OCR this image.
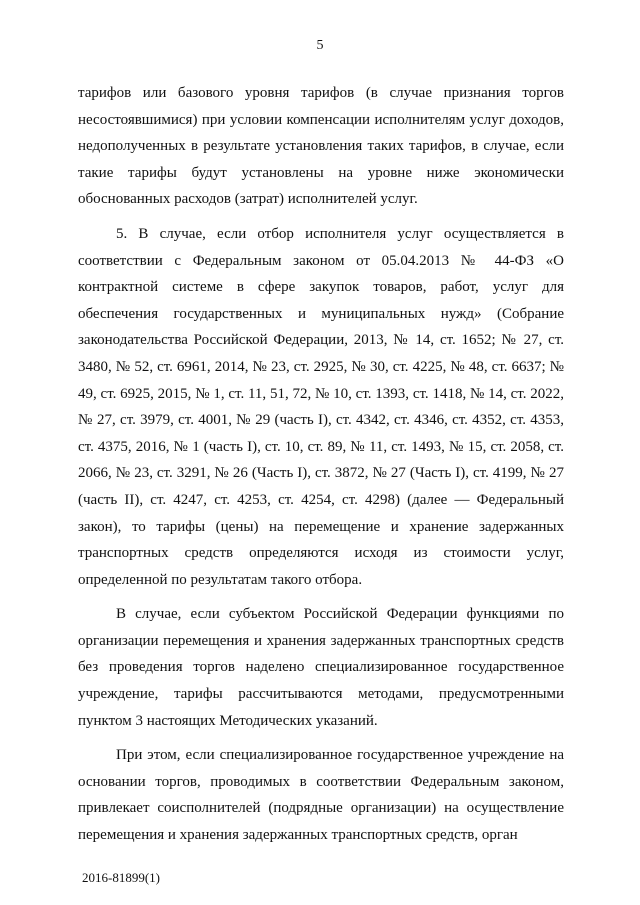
5

тарифов или базового уровня тарифов (в случае признания торгов несостоявшимися) при условии компенсации исполнителям услуг доходов, недополученных в результате установления таких тарифов, в случае, если такие тарифы будут установлены на уровне ниже экономически обоснованных расходов (затрат) исполнителей услуг.

5. В случае, если отбор исполнителя услуг осуществляется в соответствии с Федеральным законом от 05.04.2013 № 44-ФЗ «О контрактной системе в сфере закупок товаров, работ, услуг для обеспечения государственных и муниципальных нужд» (Собрание законодательства Российской Федерации, 2013, № 14, ст. 1652; № 27, ст. 3480, № 52, ст. 6961, 2014, № 23, ст. 2925, № 30, ст. 4225, № 48, ст. 6637; № 49, ст. 6925, 2015, № 1, ст. 11, 51, 72, № 10, ст. 1393, ст. 1418, № 14, ст. 2022, № 27, ст. 3979, ст. 4001, № 29 (часть I), ст. 4342, ст. 4346, ст. 4352, ст. 4353, ст. 4375, 2016, № 1 (часть I), ст. 10, ст. 89, № 11, ст. 1493, № 15, ст. 2058, ст. 2066, № 23, ст. 3291, № 26 (Часть I), ст. 3872, № 27 (Часть I), ст. 4199, № 27 (часть II), ст. 4247, ст. 4253, ст. 4254, ст. 4298) (далее — Федеральный закон), то тарифы (цены) на перемещение и хранение задержанных транспортных средств определяются исходя из стоимости услуг, определенной по результатам такого отбора.

В случае, если субъектом Российской Федерации функциями по организации перемещения и хранения задержанных транспортных средств без проведения торгов наделено специализированное государственное учреждение, тарифы рассчитываются методами, предусмотренными пунктом 3 настоящих Методических указаний.

При этом, если специализированное государственное учреждение на основании торгов, проводимых в соответствии Федеральным законом, привлекает соисполнителей (подрядные организации) на осуществление перемещения и хранения задержанных транспортных средств, орган

2016-81899(1)
